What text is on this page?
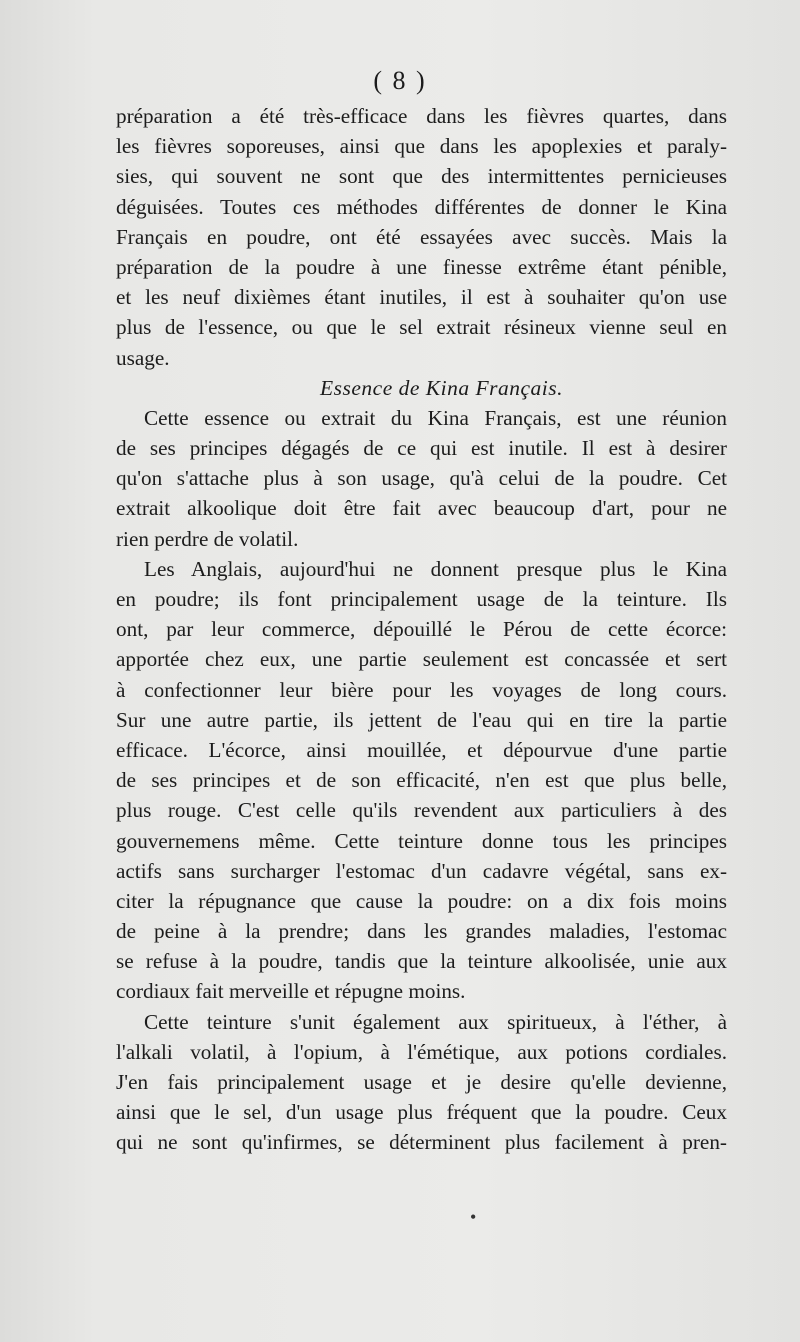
( 8 )
préparation a été très-efficace dans les fièvres quartes, dans
les fièvres soporeuses, ainsi que dans les apoplexies et paraly-
sies, qui souvent ne sont que des intermittentes pernicieuses
déguisées. Toutes ces méthodes différentes de donner le Kina
Français en poudre, ont été essayées avec succès. Mais la
préparation de la poudre à une finesse extrême étant pénible,
et les neuf dixièmes étant inutiles, il est à souhaiter qu'on use
plus de l'essence, ou que le sel extrait résineux vienne seul en
usage.
Essence de Kina Français.
Cette essence ou extrait du Kina Français, est une réunion
de ses principes dégagés de ce qui est inutile. Il est à desirer
qu'on s'attache plus à son usage, qu'à celui de la poudre. Cet
extrait alkoolique doit être fait avec beaucoup d'art, pour ne
rien perdre de volatil.
Les Anglais, aujourd'hui ne donnent presque plus le Kina
en poudre; ils font principalement usage de la teinture. Ils
ont, par leur commerce, dépouillé le Pérou de cette écorce:
apportée chez eux, une partie seulement est concassée et sert
à confectionner leur bière pour les voyages de long cours.
Sur une autre partie, ils jettent de l'eau qui en tire la partie
efficace. L'écorce, ainsi mouillée, et dépourvue d'une partie
de ses principes et de son efficacité, n'en est que plus belle,
plus rouge. C'est celle qu'ils revendent aux particuliers à des
gouvernemens même. Cette teinture donne tous les principes
actifs sans surcharger l'estomac d'un cadavre végétal, sans ex-
citer la répugnance que cause la poudre: on a dix fois moins
de peine à la prendre; dans les grandes maladies, l'estomac
se refuse à la poudre, tandis que la teinture alkoolisée, unie aux
cordiaux fait merveille et répugne moins.
Cette teinture s'unit également aux spiritueux, à l'éther, à
l'alkali volatil, à l'opium, à l'émétique, aux potions cordiales.
J'en fais principalement usage et je desire qu'elle devienne,
ainsi que le sel, d'un usage plus fréquent que la poudre. Ceux
qui ne sont qu'infirmes, se déterminent plus facilement à pren-
•
